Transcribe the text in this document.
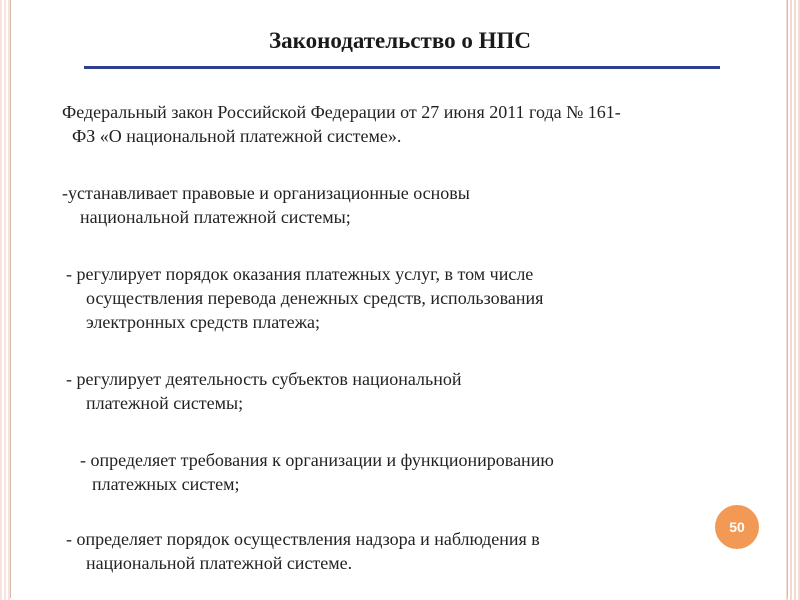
Законодательство о НПС
Федеральный закон Российской Федерации от 27 июня 2011 года № 161-
ФЗ «О национальной платежной системе».
-устанавливает правовые и организационные основы
национальной платежной системы;
- регулирует порядок оказания платежных услуг, в том числе
осуществления перевода денежных средств, использования
электронных средств платежа;
- регулирует деятельность субъектов национальной
платежной системы;
- определяет требования к организации и функционированию
платежных систем;
- определяет порядок осуществления надзора и наблюдения в
национальной платежной системе.
50
